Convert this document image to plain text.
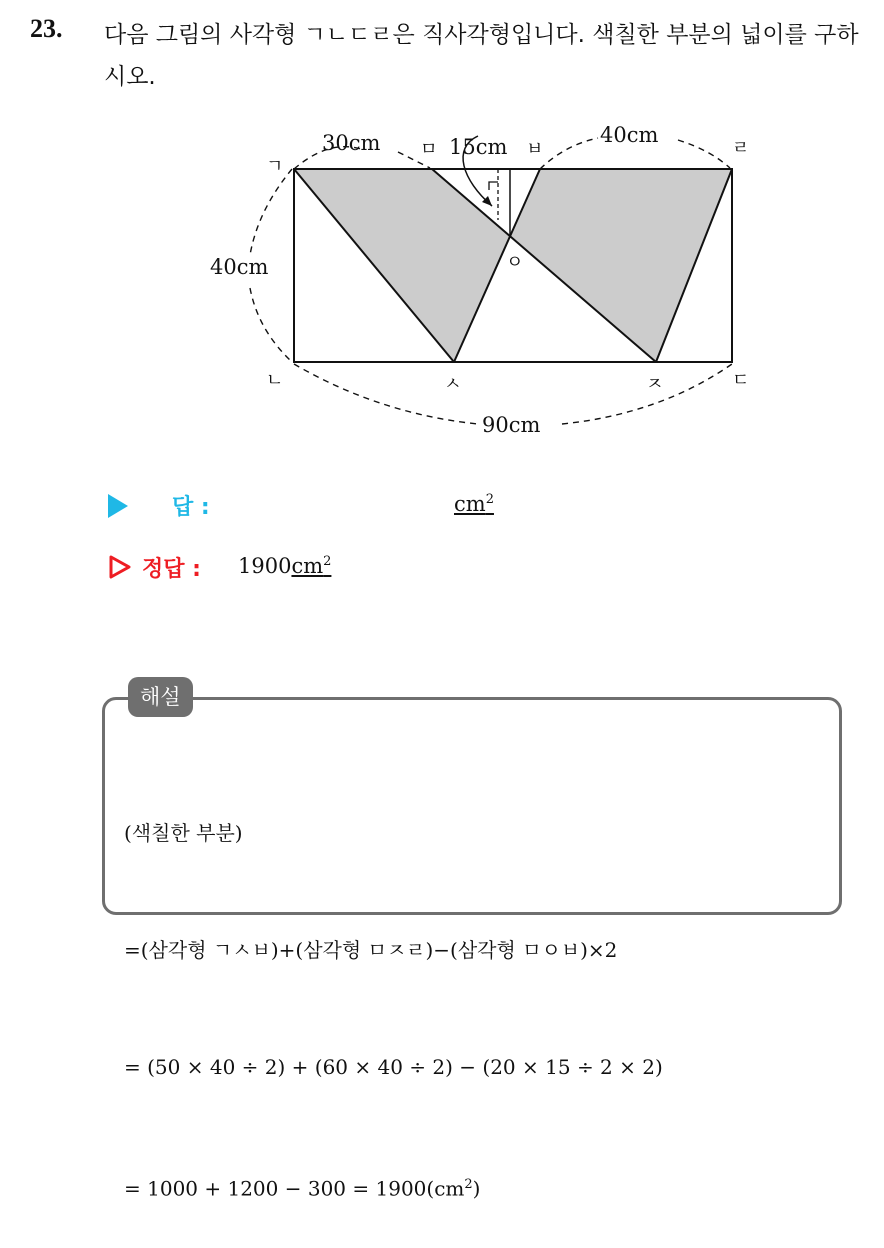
23. 다음 그림의 사각형 ㄱㄴㄷㄹ은 직사각형입니다. 색칠한 부분의 넓이를 구하시오.
30cm	15cm	40cm
40cm
90cm
ㄱ
ㅁ	ㅂ	ㄹ
ㅇ
ㄴ	ㅅ	ㅈ	ㄷ
답 :	$cm^2$
정답 : $1900cm^2$
해설

(색칠한 부분)

=(삼각형 ㄱㅅㅂ)+(삼각형 ㅁㅈㄹ)−(삼각형 ㅁㅇㅂ)×2

= (50 × 40 ÷ 2) + (60 × 40 ÷ 2) − (20 × 15 ÷ 2 × 2)

= $1000 + 1200 - 300 = 1900(cm^2)$
